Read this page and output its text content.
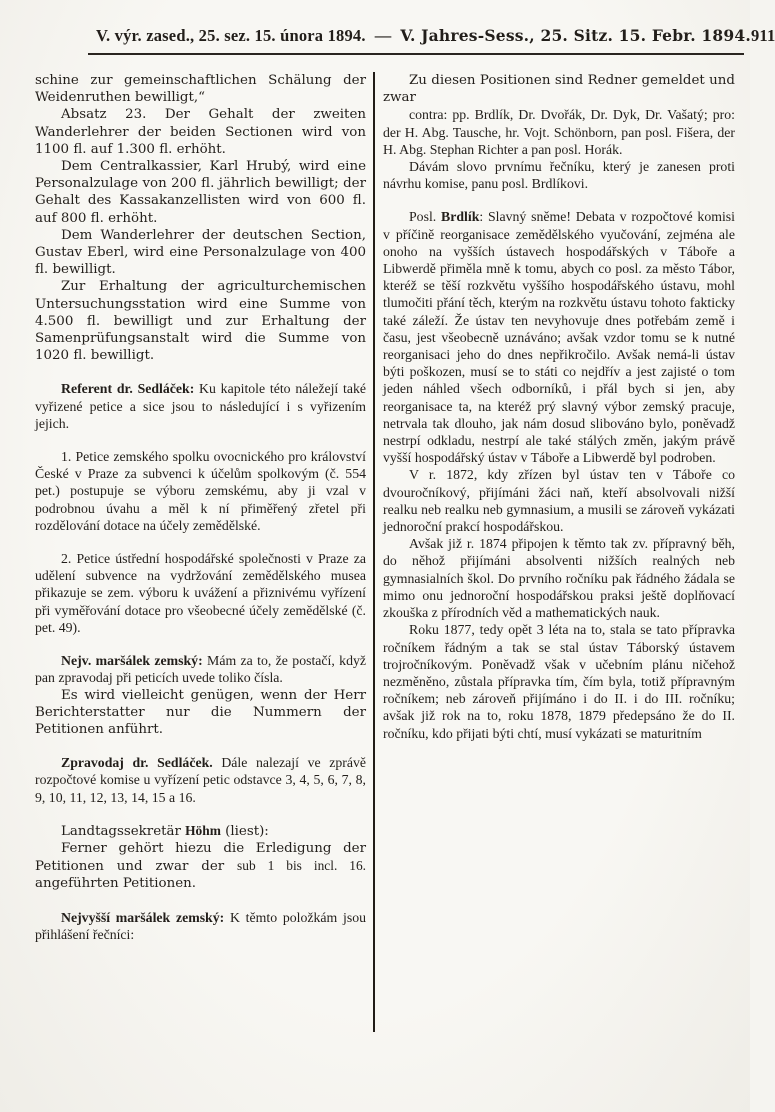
V. výr. zased., 25. sez. 15. února 1894. — V. Jahres-Sess., 25. Sitz. 15. Febr. 1894. 911

schine zur gemeinschaftlichen Schälung der Weidenruthen bewilligt,“

Absatz 23. Der Gehalt der zweiten Wanderlehrer der beiden Sectionen wird von 1100 fl. auf 1.300 fl. erhöht.

Dem Centralkassier, Karl Hrubý, wird eine Personalzulage von 200 fl. jährlich bewilligt; der Gehalt des Kassakanzellisten wird von 600 fl. auf 800 fl. erhöht.

Dem Wanderlehrer der deutschen Section, Gustav Eberl, wird eine Personalzulage von 400 fl. bewilligt.

Zur Erhaltung der agriculturchemischen Untersuchungsstation wird eine Summe von 4.500 fl. bewilligt und zur Erhaltung der Samenprüfungsanstalt wird die Summe von 1020 fl. bewilligt.

Referent dr. Sedláček: Ku kapitole této náležejí také vyřizené petice a sice jsou to následující i s vyřizením jejich.

1. Petice zemského spolku ovocnického pro království České v Praze za subvenci k účelům spolkovým (č. 554 pet.) postupuje se výboru zemskému, aby ji vzal v podrobnou úvahu a měl k ní přiměřený zřetel při rozdělování dotace na účely zemědělské.

2. Petice ústřední hospodářské společnosti v Praze za udělení subvence na vydržování zemědělského musea přikazuje se zem. výboru k uvážení a přiznivému vyřízení při vyměřování dotace pro všeobecné účely zemědělské (č. pet. 49).

Nejv. maršálek zemský: Mám za to, že postačí, když pan zpravodaj při peticích uvede toliko čísla.

Es wird vielleicht genügen, wenn der Herr Berichterstatter nur die Nummern der Petitionen anführt.

Zpravodaj dr. Sedláček. Dále nalezají ve zprávě rozpočtové komise u vyřízení petic odstavce 3, 4, 5, 6, 7, 8, 9, 10, 11, 12, 13, 14, 15 a 16.

Landtagssekretär Höhm (liest):

Ferner gehört hiezu die Erledigung der Petitionen und zwar der sub 1 bis incl. 16. angeführten Petitionen.

Nejvyšší maršálek zemský: K těmto položkám jsou přihlášení řečníci:

Zu diesen Positionen sind Redner gemeldet und zwar

contra: pp. Brdlík, Dr. Dvořák, Dr. Dyk, Dr. Vašatý; pro: der H. Abg. Tausche, hr. Vojt. Schönborn, pan posl. Fišera, der H. Abg. Stephan Richter a pan posl. Horák.

Dávám slovo prvnímu řečníku, který je zanesen proti návrhu komise, panu posl. Brdlíkovi.

Posl. Brdlík: Slavný sněme! Debata v rozpočtové komisi v příčině reorganisace zemědělského vyučování, zejména ale onoho na vyšších ústavech hospodářských v Táboře a Libwerdě přiměla mně k tomu, abych co posl. za město Tábor, kteréž se těší rozkvětu vyššího hospodářského ústavu, mohl tlumočiti přání těch, kterým na rozkvětu ústavu tohoto fakticky také záleží. Že ústav ten nevyhovuje dnes potřebám země i času, jest všeobecně uznáváno; avšak vzdor tomu se k nutné reorganisaci jeho do dnes nepřikročilo. Avšak nemá-li ústav býti poškozen, musí se to státi co nejdřív a jest zajisté o tom jeden náhled všech odborníků, i přál bych si jen, aby reorganisace ta, na kteréž prý slavný výbor zemský pracuje, netrvala tak dlouho, jak nám dosud slibováno bylo, poněvadž nestrpí odkladu, nestrpí ale také stálých změn, jakým právě vyšší hospodářský ústav v Táboře a Libwerdě byl podroben.

V r. 1872, kdy zřízen byl ústav ten v Táboře co dvouročníkový, přijímáni žáci naň, kteří absolvovali nižší realku neb realku neb gymnasium, a musili se zároveň vykázati jednoroční prakcí hospodářskou.

Avšak již r. 1874 připojen k těmto tak zv. přípravný běh, do něhož přijímáni absolventi nižších realných neb gymnasialních škol. Do prvního ročníku pak řádného žádala se mimo onu jednoroční hospodářskou praksi ještě doplňovací zkouška z přírodních věd a mathematických nauk.

Roku 1877, tedy opět 3 léta na to, stala se tato přípravka ročníkem řádným a tak se stal ústav Táborský ústavem trojročníkovým. Poněvadž však v učebním plánu ničehož nezměněno, zůstala přípravka tím, čím byla, totiž přípravným ročníkem; neb zároveň přijímáno i do II. i do III. ročníku; avšak již rok na to, roku 1878, 1879 předepsáno že do II. ročníku, kdo přijati býti chtí, musí vykázati se maturitním
